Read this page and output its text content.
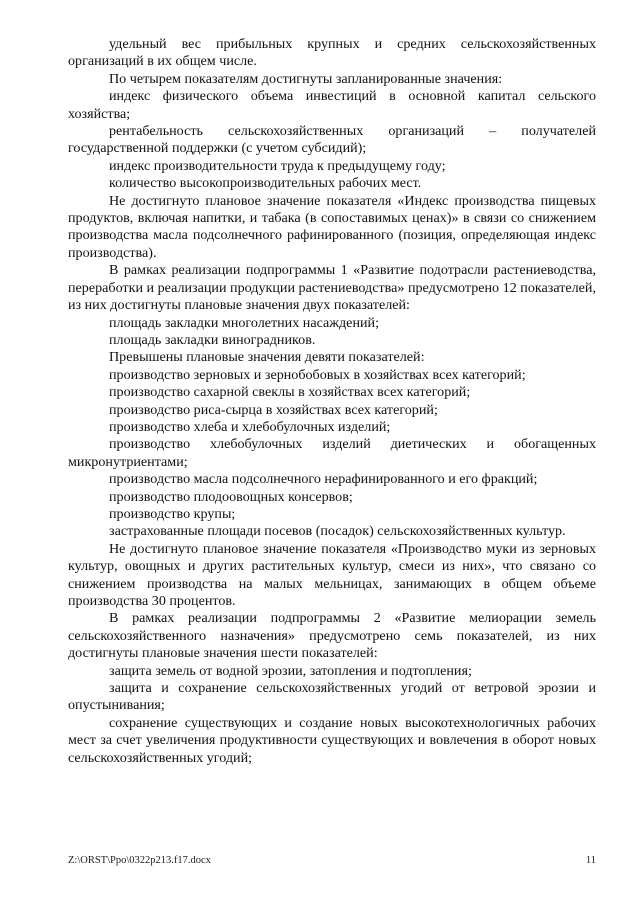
удельный вес прибыльных крупных и средних сельскохозяйственных организаций в их общем числе.

По четырем показателям достигнуты запланированные значения:

индекс физического объема инвестиций в основной капитал сельского хозяйства;

рентабельность сельскохозяйственных организаций – получателей государственной поддержки (с учетом субсидий);

индекс производительности труда к предыдущему году;

количество высокопроизводительных рабочих мест.

Не достигнуто плановое значение показателя «Индекс производства пищевых продуктов, включая напитки, и табака (в сопоставимых ценах)» в связи со снижением производства масла подсолнечного рафинированного (позиция, определяющая индекс производства).

В рамках реализации подпрограммы 1 «Развитие подотрасли растениеводства, переработки и реализации продукции растениеводства» предусмотрено 12 показателей, из них достигнуты плановые значения двух показателей:

площадь закладки многолетних насаждений;

площадь закладки виноградников.

Превышены плановые значения девяти показателей:

производство зерновых и зернобобовых в хозяйствах всех категорий;

производство сахарной свеклы в хозяйствах всех категорий;

производство риса-сырца в хозяйствах всех категорий;

производство хлеба и хлебобулочных изделий;

производство хлебобулочных изделий диетических и обогащенных микронутриентами;

производство масла подсолнечного нерафинированного и его фракций;

производство плодоовощных консервов;

производство крупы;

застрахованные площади посевов (посадок) сельскохозяйственных культур.

Не достигнуто плановое значение показателя «Производство муки из зерновых культур, овощных и других растительных культур, смеси из них», что связано со снижением производства на малых мельницах, занимающих в общем объеме производства 30 процентов.

В рамках реализации подпрограммы 2 «Развитие мелиорации земель сельскохозяйственного назначения» предусмотрено семь показателей, из них достигнуты плановые значения шести показателей:

защита земель от водной эрозии, затопления и подтопления;

защита и сохранение сельскохозяйственных угодий от ветровой эрозии и опустынивания;

сохранение существующих и создание новых высокотехнологичных рабочих мест за счет увеличения продуктивности существующих и вовлечения в оборот новых сельскохозяйственных угодий;

Z:\ORST\Ppo\0322p213.f17.docx	11
